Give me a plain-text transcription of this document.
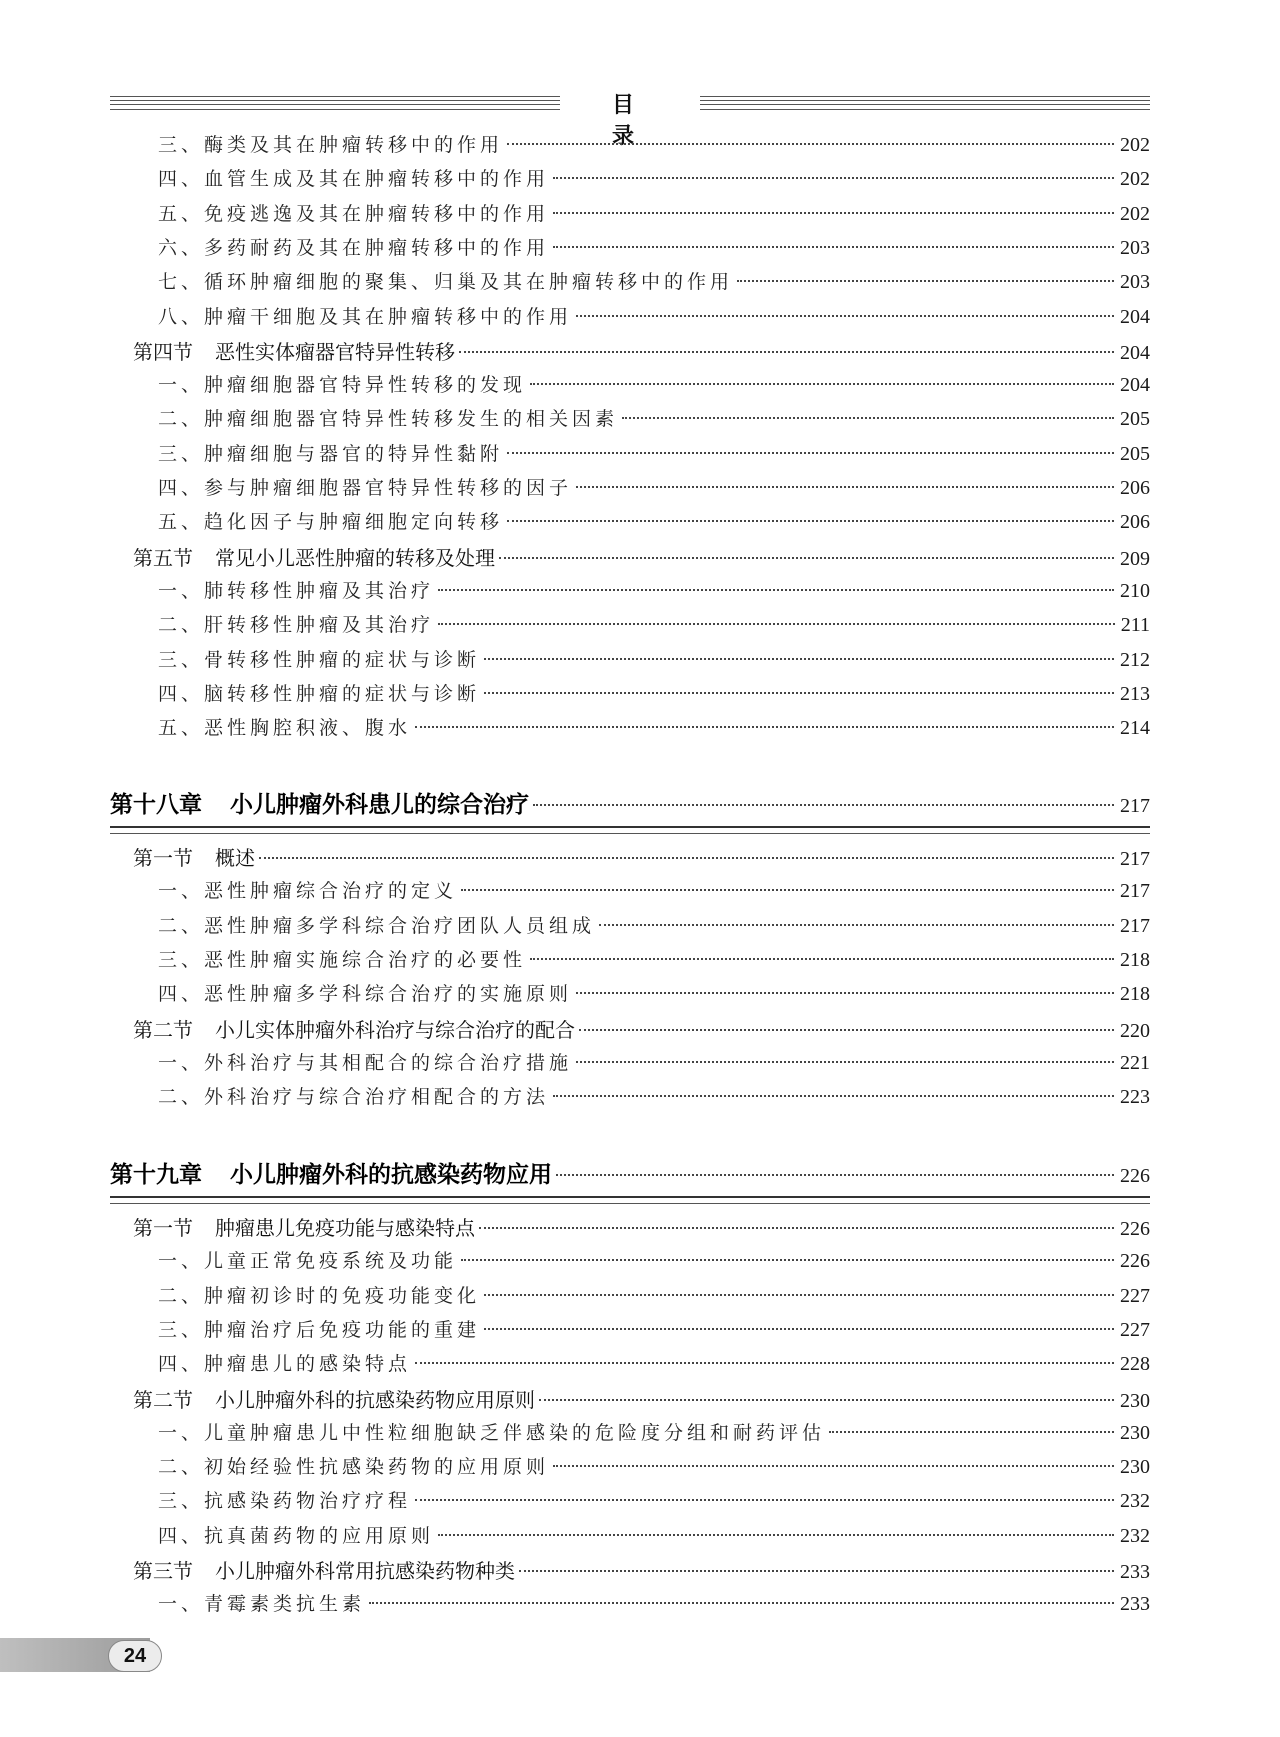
目　录
三、酶类及其在肿瘤转移中的作用	202
四、血管生成及其在肿瘤转移中的作用	202
五、免疫逃逸及其在肿瘤转移中的作用	202
六、多药耐药及其在肿瘤转移中的作用	203
七、循环肿瘤细胞的聚集、归巢及其在肿瘤转移中的作用	203
八、肿瘤干细胞及其在肿瘤转移中的作用	204
第四节 恶性实体瘤器官特异性转移	204
一、肿瘤细胞器官特异性转移的发现	204
二、肿瘤细胞器官特异性转移发生的相关因素	205
三、肿瘤细胞与器官的特异性黏附	205
四、参与肿瘤细胞器官特异性转移的因子	206
五、趋化因子与肿瘤细胞定向转移	206
第五节 常见小儿恶性肿瘤的转移及处理	209
一、肺转移性肿瘤及其治疗	210
二、肝转移性肿瘤及其治疗	211
三、骨转移性肿瘤的症状与诊断	212
四、脑转移性肿瘤的症状与诊断	213
五、恶性胸腔积液、腹水	214
第十八章 小儿肿瘤外科患儿的综合治疗	217
第一节 概述	217
一、恶性肿瘤综合治疗的定义	217
二、恶性肿瘤多学科综合治疗团队人员组成	217
三、恶性肿瘤实施综合治疗的必要性	218
四、恶性肿瘤多学科综合治疗的实施原则	218
第二节 小儿实体肿瘤外科治疗与综合治疗的配合	220
一、外科治疗与其相配合的综合治疗措施	221
二、外科治疗与综合治疗相配合的方法	223
第十九章 小儿肿瘤外科的抗感染药物应用	226
第一节 肿瘤患儿免疫功能与感染特点	226
一、儿童正常免疫系统及功能	226
二、肿瘤初诊时的免疫功能变化	227
三、肿瘤治疗后免疫功能的重建	227
四、肿瘤患儿的感染特点	228
第二节 小儿肿瘤外科的抗感染药物应用原则	230
一、儿童肿瘤患儿中性粒细胞缺乏伴感染的危险度分组和耐药评估	230
二、初始经验性抗感染药物的应用原则	230
三、抗感染药物治疗疗程	232
四、抗真菌药物的应用原则	232
第三节 小儿肿瘤外科常用抗感染药物种类	233
一、青霉素类抗生素	233
24
